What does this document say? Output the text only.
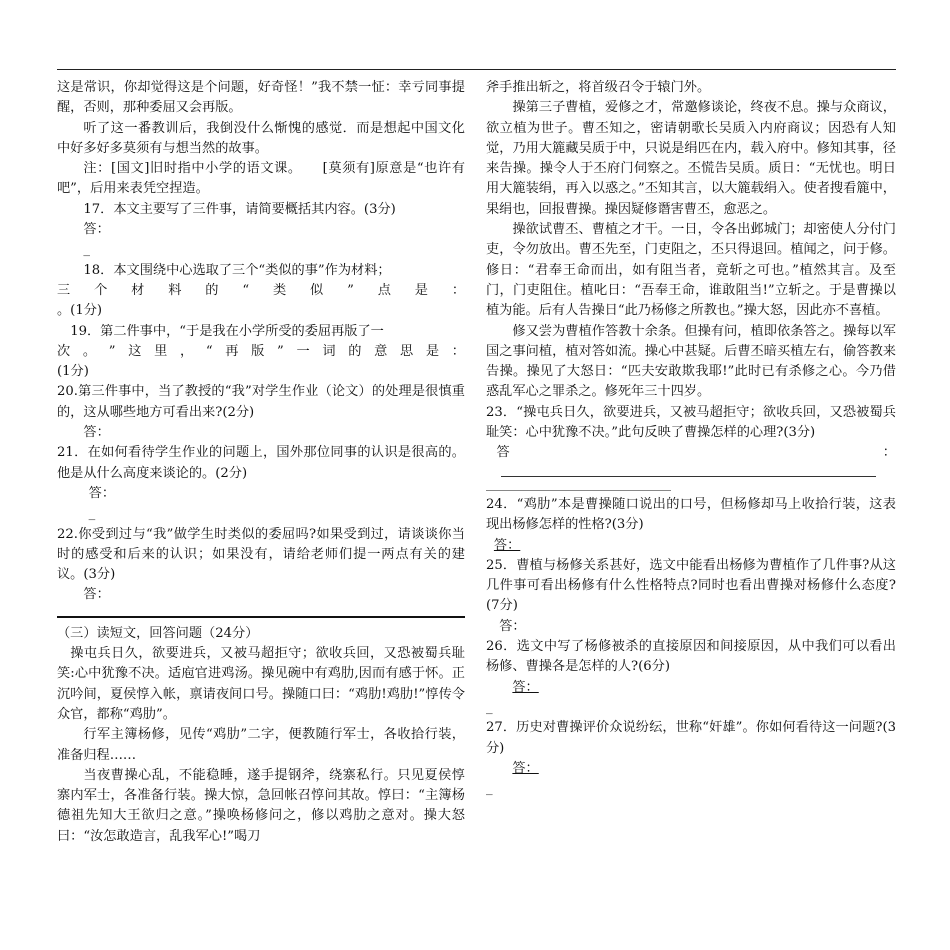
这是常识，你却觉得这是个问题，好奇怪！”我不禁一怔：幸亏同事提醒，否则，那种委屈又会再版。

听了这一番教训后，我倒没什么惭愧的感觉．而是想起中国文化中好多好多莫须有与想当然的故事。

注：[国文]旧时指中小学的语文课。　　[莫须有]原意是“也许有吧”，后用来表凭空捏造。

17．本文主要写了三件事，请简要概括其内容。(3分)

答：

_

18．本文围绕中心选取了三个“类似的事”作为材料；

三 个 材 料 的 “ 类 似 ” 点 是 ：

。(1分)

19．第二件事中，“于是我在小学所受的委屈再版了一

次 。 ” 这 里 ， “ 再 版 ” 一 词 的 意 思 是 ：

(1分)

20.第三件事中，当了教授的“我”对学生作业（论文）的处理是很慎重的，这从哪些地方可看出来?(2分)

答：

21．在如何看待学生作业的问题上，国外那位同事的认识是很高的。他是从什么高度来谈论的。(2分)

答：

_

22.你受到过与“我”做学生时类似的委屈吗?如果受到过，请谈谈你当时的感受和后来的认识；如果没有，请给老师们提一两点有关的建议。(3分)

答：

（三）读短文，回答问题（24分）

操屯兵日久，欲要进兵，又被马超拒守；欲收兵回，又恐被蜀兵耻笑:心中犹豫不决。适庖官进鸡汤。操见碗中有鸡肋,因而有感于怀。正沉吟间，夏侯惇入帐，禀请夜间口号。操随口曰：“鸡肋!鸡肋!”惇传令众官，都称“鸡肋”。

行军主簿杨修，见传“鸡肋”二字，便教随行军士，各收拾行装，准备归程……

当夜曹操心乱，不能稳睡，遂手提钢斧，绕寨私行。只见夏侯惇寨内军士，各准备行装。操大惊，急回帐召惇问其故。惇曰：“主簿杨德祖先知大王欲归之意。”操唤杨修问之，修以鸡肋之意对。操大怒曰：“汝怎敢造言，乱我军心!”喝刀

斧手推出斩之，将首级召令于辕门外。

操第三子曹植，爱修之才，常邀修谈论，终夜不息。操与众商议，欲立植为世子。曹丕知之，密请朝歌长吴质入内府商议；因恐有人知觉，乃用大簏藏吴质于中，只说是绢匹在内，载入府中。修知其事，径来告操。操令人于丕府门伺察之。丕慌告吴质。质日：“无忧也。明日用大簏装绢，再入以惑之。”丕知其言，以大簏载绢入。使者搜看簏中，果绢也，回报曹操。操因疑修谮害曹丕，愈恶之。

操欲试曹丕、曹植之才干。一日，令各出邺城门；却密使人分付门吏，令勿放出。曹丕先至，门吏阻之，丕只得退回。植闻之，问于修。修日：“君奉王命而出，如有阻当者，竟斩之可也。”植然其言。及至门，门吏阻住。植叱日：“吾奉王命，谁敢阻当!”立斩之。于是曹操以植为能。后有人告操日“此乃杨修之所教也。”操大怒，因此亦不喜植。

修又尝为曹植作答教十余条。但操有问，植即依条答之。操每以军国之事问植，植对答如流。操心中甚疑。后曹丕暗买植左右，偷答教来告操。操见了大怒日：“匹夫安敢欺我耶!”此时已有杀修之心。今乃借惑乱军心之罪杀之。修死年三十四岁。

23．“操屯兵日久，欲要进兵，又被马超拒守；欲收兵回，又恐被蜀兵耻笑：心中犹豫不决。”此句反映了曹操怎样的心理?(3分)

答：

24．“鸡肋”本是曹操随口说出的口号，但杨修却马上收拾行装，这表现出杨修怎样的性格?(3分)

答：

25．曹植与杨修关系甚好，选文中能看出杨修为曹植作了几件事?从这几件事可看出杨修有什么性格特点?同时也看出曹操对杨修什么态度?(7分)

答：

26．选文中写了杨修被杀的直接原因和间接原因，从中我们可以看出杨修、曹操各是怎样的人?(6分)

答：

_

27．历史对曹操评价众说纷纭，世称“奸雄”。你如何看待这一问题?(3分)

答：

_
